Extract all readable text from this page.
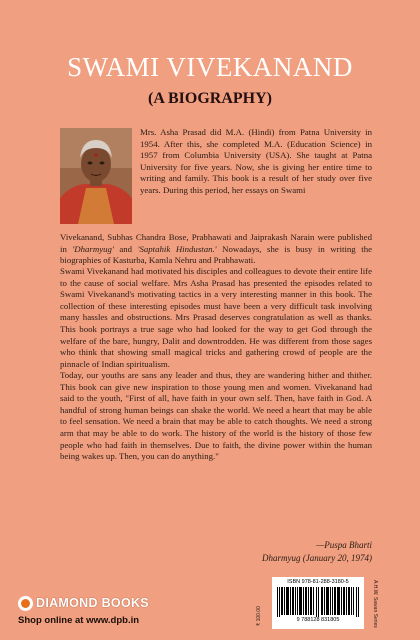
SWAMI VIVEKANAND
(A BIOGRAPHY)
Mrs. Asha Prasad did M.A. (Hindi) from Patna University in 1954. After this, she completed M.A. (Education Science) in 1957 from Columbia University (USA). She taught at Patna University for five years. Now, she is giving her entire time to writing and family. This book is a result of her study over five years. During this period, her essays on Swami
Vivekanand, Subhas Chandra Bose, Prabhawati and Jaiprakash Narain were published in 'Dharmyug' and 'Saptahik Hindustan.' Nowadays, she is busy in writing the biographies of Kasturba, Kamla Nehru and Prabhawati.

Swami Vivekanand had motivated his disciples and colleagues to devote their entire life to the cause of social welfare. Mrs Asha Prasad has presented the episodes related to Swami Vivekanand's motivating tactics in a very interesting manner in this book. The collection of these interesting episodes must have been a very difficult task involving many hassles and obstructions. Mrs Prasad deserves congratulation as well as thanks. This book portrays a true sage who had looked for the way to get God through the welfare of the bare, hungry, Dalit and downtrodden. He was different from those sages who think that showing small magical tricks and gathering crowd of people are the pinnacle of Indian spiritualism.

Today, our youths are sans any leader and thus, they are wandering hither and thither. This book can give new inspiration to those young men and women. Vivekanand had said to the youth, "First of all, have faith in your own self. Then, have faith in God. A handful of strong human beings can shake the world. We need a heart that may be able to feel sensation. We need a brain that may be able to catch thoughts. We need a strong arm that may be able to do work. The history of the world is the history of those few people who had faith in themselves. Due to faith, the divine power within the human being wakes up. Then, you can do anything."

—Puspa Bharti
Dharmyug (January 20, 1974)
₹ 100.00
ISBN 978-81-288-3180-5
9 788128 831805	A.H.W. Sawan Series
DIAMOND BOOKS
Shop online at www.dpb.in
